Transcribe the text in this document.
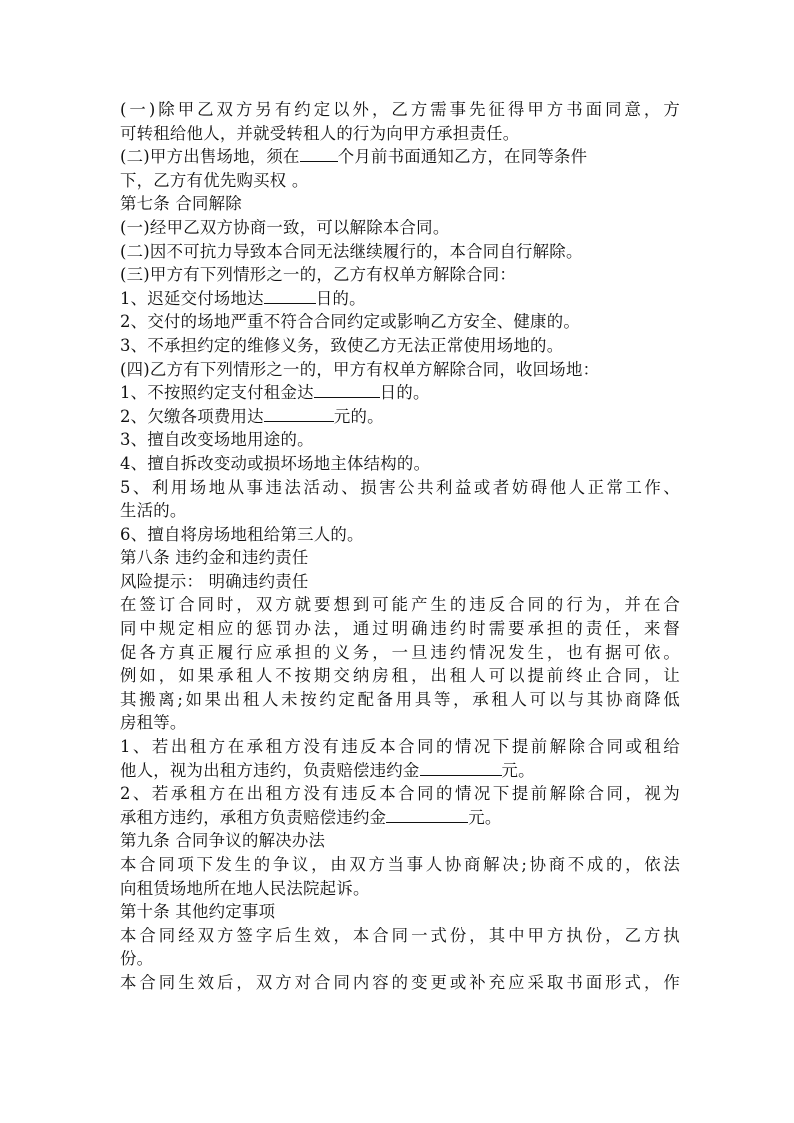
(一)除甲乙双方另有约定以外，乙方需事先征得甲方书面同意，方
可转租给他人，并就受转租人的行为向甲方承担责任。
(二)甲方出售场地，须在 个月前书面通知乙方，在同等条件
下，乙方有优先购买权 。
第七条 合同解除
(一)经甲乙双方协商一致，可以解除本合同。
(二)因不可抗力导致本合同无法继续履行的，本合同自行解除。
(三)甲方有下列情形之一的，乙方有权单方解除合同：
1、迟延交付场地达	日的。
2、交付的场地严重不符合合同约定或影响乙方安全、健康的。
3、不承担约定的维修义务，致使乙方无法正常使用场地的。
(四)乙方有下列情形之一的，甲方有权单方解除合同，收回场地：
1、不按照约定支付租金达	日的。
2、欠缴各项费用达	元的。
3、擅自改变场地用途的。
4、擅自拆改变动或损坏场地主体结构的。
5、利用场地从事违法活动、损害公共利益或者妨碍他人正常工作、
生活的。
6、擅自将房场地租给第三人的。
第八条 违约金和违约责任
风险提示： 明确违约责任
在签订合同时，双方就要想到可能产生的违反合同的行为，并在合
同中规定相应的惩罚办法，通过明确违约时需要承担的责任，来督
促各方真正履行应承担的义务，一旦违约情况发生，也有据可依。
例如，如果承租人不按期交纳房租，出租人可以提前终止合同，让
其搬离;如果出租人未按约定配备用具等，承租人可以与其协商降低
房租等。
1、若出租方在承租方没有违反本合同的情况下提前解除合同或租给
他人，视为出租方违约，负责赔偿违约金	元。
2、若承租方在出租方没有违反本合同的情况下提前解除合同，视为
承租方违约，承租方负责赔偿违约金	元。
第九条 合同争议的解决办法
本合同项下发生的争议，由双方当事人协商解决;协商不成的，依法
向租赁场地所在地人民法院起诉。
第十条 其他约定事项
本合同经双方签字后生效，本合同一式份，其中甲方执份，乙方执
份。
本合同生效后，双方对合同内容的变更或补充应采取书面形式，作
